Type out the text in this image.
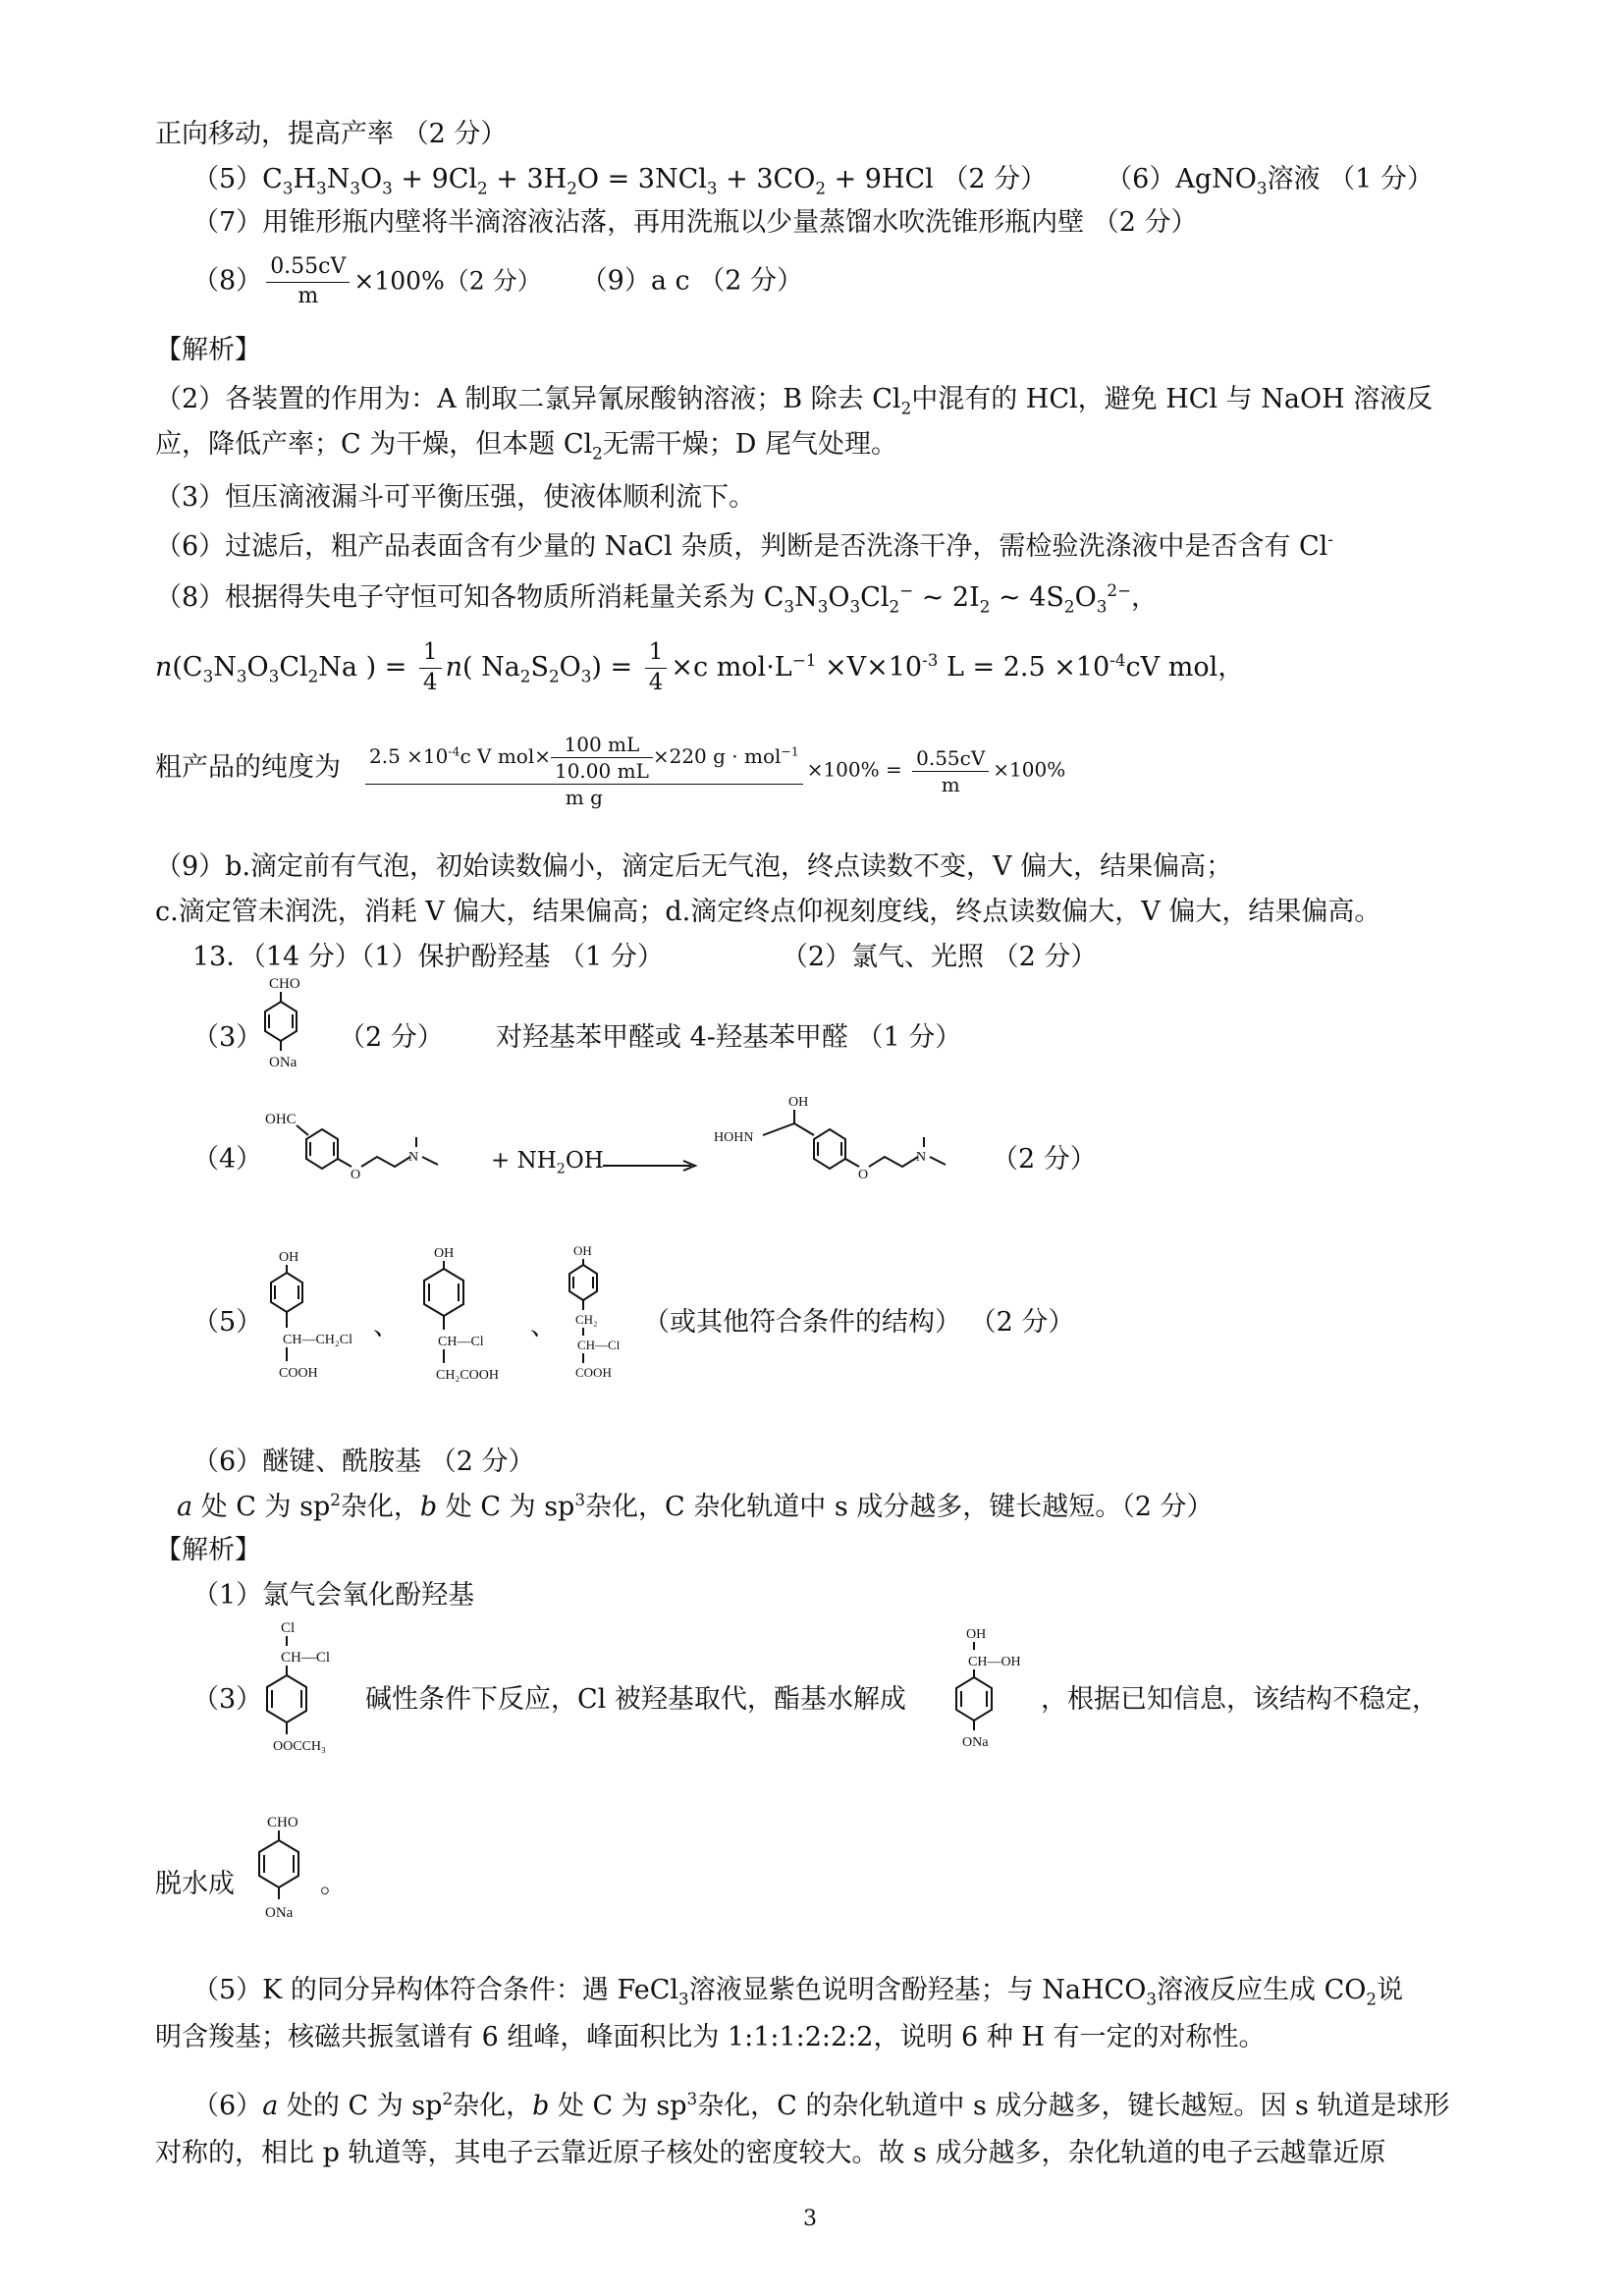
正向移动，提高产率 （2 分）
$(5)C_3H_3N_3O_3 + 9Cl_2 + 3H_2O = 3NCl_3 + 3CO_2 + 9HCl$ （2 分） （6）AgNO$_3$溶液 （1 分）
（7）用锥形瓶内壁将半滴溶液沾落，再用洗瓶以少量蒸馏水吹洗锥形瓶内壁 （2 分）
$(8) \frac{0.55cV}{m} \times 100\%(2$ 分） （9）a c （2 分）
【解析】
（2）各装置的作用为：A 制取二氯异氰尿酸钠溶液；B 除去 $Cl_2$中混有的 HCl，避免 HCl 与 NaOH 溶液反
应，降低产率；C 为干燥，但本题 $Cl_2$无需干燥；D 尾气处理。
（3）恒压滴液漏斗可平衡压强，使液体顺利流下。
（6）过滤后，粗产品表面含有少量的 NaCl 杂质，判断是否洗涤干净，需检验洗涤液中是否含有 Cl-
（8）根据得失电子守恒可知各物质所消耗量关系为 $C_3N_3O_3Cl_2^-$ ~ $2I_2$ ~ $4S_2O_3^{2-}$，
$n(C_3N_3O_3Cl_2Na$ ) = $\frac{1}{4} n$( $Na_2S_2O_3) = \frac{1}{4} \times c$ $mol\cdot L^{-1} \times V\times 10^{-3}$ $L = 2.5 \times 10^{-4}cV$ mol，
粗产品的纯度为 $\frac{2.5 \times 10^{-4}c V mol\times \frac{100 mL}{10.00 mL} \times 220 g \cdot mol^{-1}}{\text{m g}} \times 100\% = \frac{0.55cV}{m} \times 100\%$
（9）b.滴定前有气泡，初始读数偏小，滴定后无气泡，终点读数不变，V 偏大，结果偏高；
c.滴定管未润洗，消耗 V 偏大，结果偏高；d.滴定终点仰视刻度线，终点读数偏大，V 偏大，结果偏高。
13．（14 分）（1）保护酚羟基 （1 分）	（2）氯气、光照 （2 分）
（3）
CHO
ONa
（2 分） 对羟基苯甲醛或 4-羟基苯甲醛 （1 分）
（4）
OHC
O
N	+ $NH_2OH$
OH
HOHN
O
N （2 分）
（5）
OH
CH—CH₂Cl
COOH
、
OH
CH—Cl
CH₂COOH
、
OH
CH₂
CH—Cl
COOH
（或其他符合条件的结构） （2 分）
（6）醚键、酰胺基 （2 分）
a 处 C 为 $sp^2$杂化，b 处 C 为 $sp^3$杂化，C 杂化轨道中 s 成分越多，键长越短。（2 分）
【解析】
（1）氯气会氧化酚羟基
（3）
Cl
CH—Cl
OOCCH₃
碱性条件下反应，Cl 被羟基取代，酯基水解成
OH
CH—OH
ONa
，根据已知信息，该结构不稳定，
脱水成
CHO
ONa
。
（5）K 的同分异构体符合条件：遇 FeCl$_3$溶液显紫色说明含酚羟基；与 NaHCO$_3$溶液反应生成 $CO_2$说
明含羧基；核磁共振氢谱有 6 组峰，峰面积比为 1:1:1:2:2:2，说明 6 种 H 有一定的对称性。
（6）a 处的 C 为 $sp^2$杂化，b 处 C 为 $sp^3$杂化，C 的杂化轨道中 s 成分越多，键长越短。因 s 轨道是球形
对称的，相比 p 轨道等，其电子云靠近原子核处的密度较大。故 s 成分越多，杂化轨道的电子云越靠近原
3
